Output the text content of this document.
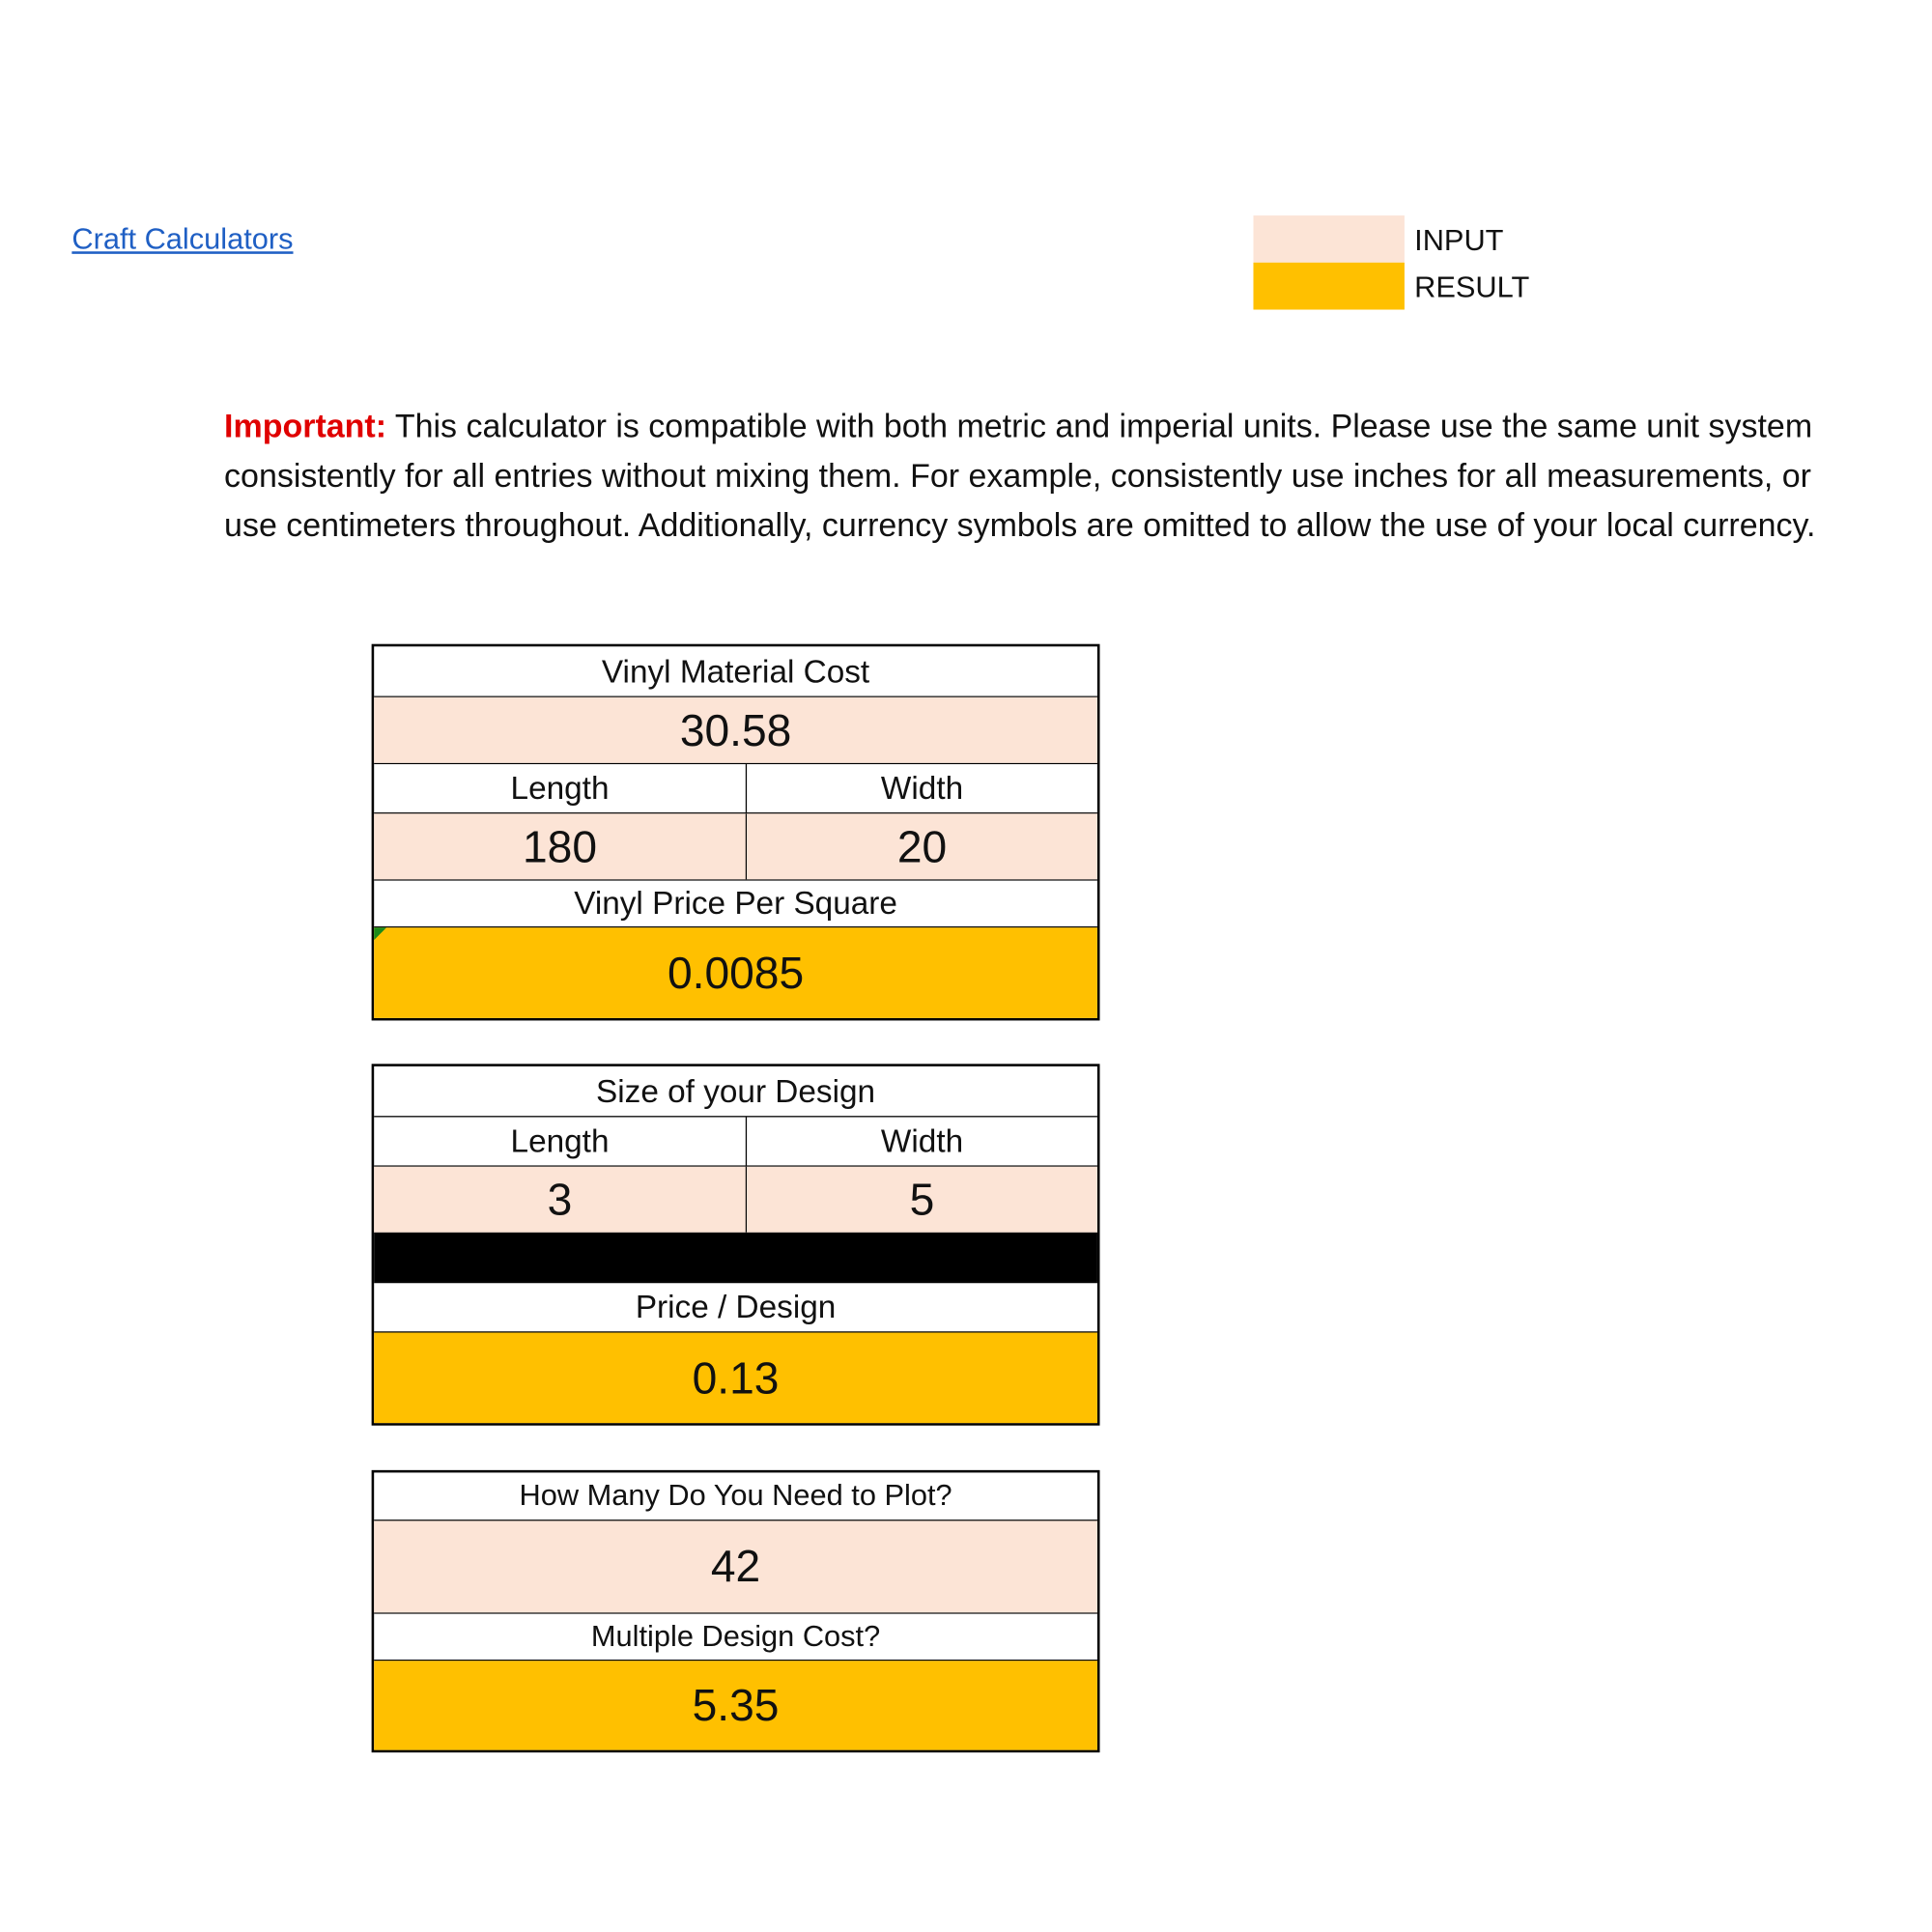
Craft Calculators	INPUT
RESULT
Important: This calculator is compatible with both metric and imperial units. Please use the same unit system consistently for all entries without mixing them. For example, consistently use inches for all measurements, or use centimeters throughout. Additionally, currency symbols are omitted to allow the use of your local currency.
Vinyl Material Cost
30.58
Length	Width
180	20
Vinyl Price Per Square
0.0085
Size of your Design
Length	Width
3	5
Price / Design
0.13
How Many Do You Need to Plot?
42
Multiple Design Cost?
5.35
